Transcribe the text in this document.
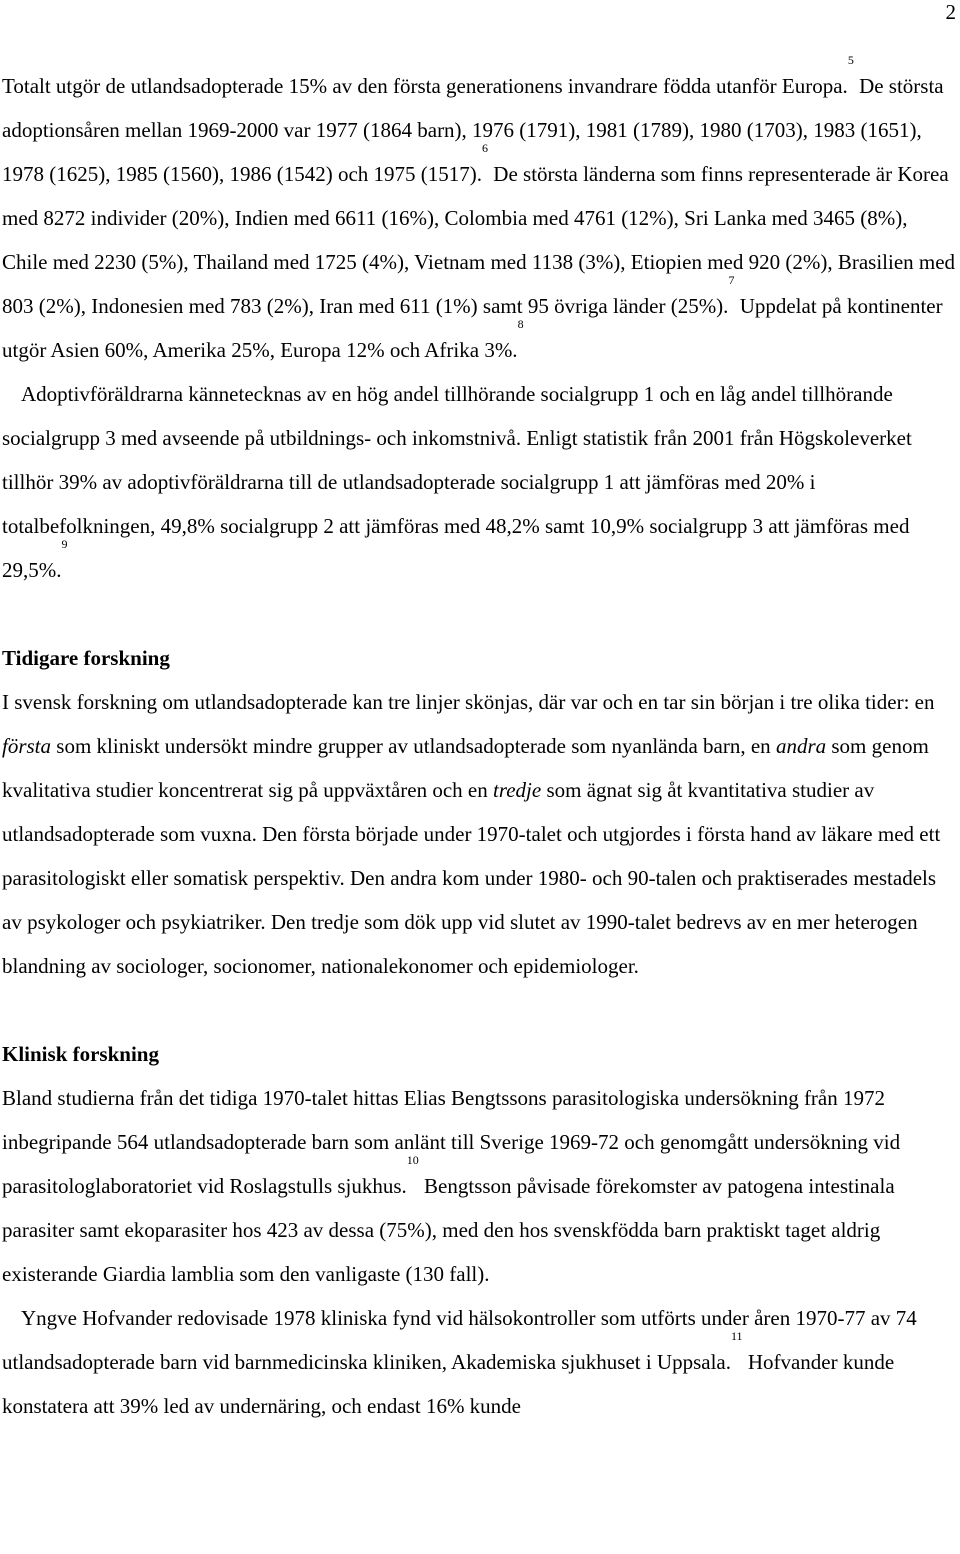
2

Totalt utgör de utlandsadopterade 15% av den första generationens invandrare födda utanför Europa.$^5$ De största adoptionsåren mellan 1969-2000 var 1977 (1864 barn), 1976 (1791), 1981 (1789), 1980 (1703), 1983 (1651), 1978 (1625), 1985 (1560), 1986 (1542) och 1975 (1517).$^6$ De största länderna som finns representerade är Korea med 8272 individer (20%), Indien med 6611 (16%), Colombia med 4761 (12%), Sri Lanka med 3465 (8%), Chile med 2230 (5%), Thailand med 1725 (4%), Vietnam med 1138 (3%), Etiopien med 920 (2%), Brasilien med 803 (2%), Indonesien med 783 (2%), Iran med 611 (1%) samt 95 övriga länder (25%).$^7$ Uppdelat på kontinenter utgör Asien 60%, Amerika 25%, Europa 12% och Afrika 3%.$^8$

Adoptivföräldrarna kännetecknas av en hög andel tillhörande socialgrupp 1 och en låg andel tillhörande socialgrupp 3 med avseende på utbildnings- och inkomstnivå. Enligt statistik från 2001 från Högskoleverket tillhör 39% av adoptivföräldrarna till de utlandsadopterade socialgrupp 1 att jämföras med 20% i totalbefolkningen, 49,8% socialgrupp 2 att jämföras med 48,2% samt 10,9% socialgrupp 3 att jämföras med 29,5%.$^9$

Tidigare forskning

I svensk forskning om utlandsadopterade kan tre linjer skönjas, där var och en tar sin början i tre olika tider: en första som kliniskt undersökt mindre grupper av utlandsadopterade som nyanlända barn, en andra som genom kvalitativa studier koncentrerat sig på uppväxtåren och en tredje som ägnat sig åt kvantitativa studier av utlandsadopterade som vuxna. Den första började under 1970-talet och utgjordes i första hand av läkare med ett parasitologiskt eller somatisk perspektiv. Den andra kom under 1980- och 90-talen och praktiserades mestadels av psykologer och psykiatriker. Den tredje som dök upp vid slutet av 1990-talet bedrevs av en mer heterogen blandning av sociologer, socionomer, nationalekonomer och epidemiologer.

Klinisk forskning

Bland studierna från det tidiga 1970-talet hittas Elias Bengtssons parasitologiska undersökning från 1972 inbegripande 564 utlandsadopterade barn som anlänt till Sverige 1969-72 och genomgått undersökning vid parasitologlaboratoriet vid Roslagstulls sjukhus.$^{10}$ Bengtsson påvisade förekomster av patogena intestinala parasiter samt ekoparasiter hos 423 av dessa (75%), med den hos svenskfödda barn praktiskt taget aldrig existerande Giardia lamblia som den vanligaste (130 fall).

Yngve Hofvander redovisade 1978 kliniska fynd vid hälsokontroller som utförts under åren 1970-77 av 74 utlandsadopterade barn vid barnmedicinska kliniken, Akademiska sjukhuset i Uppsala.$^{11}$ Hofvander kunde konstatera att 39% led av undernäring, och endast 16% kunde
